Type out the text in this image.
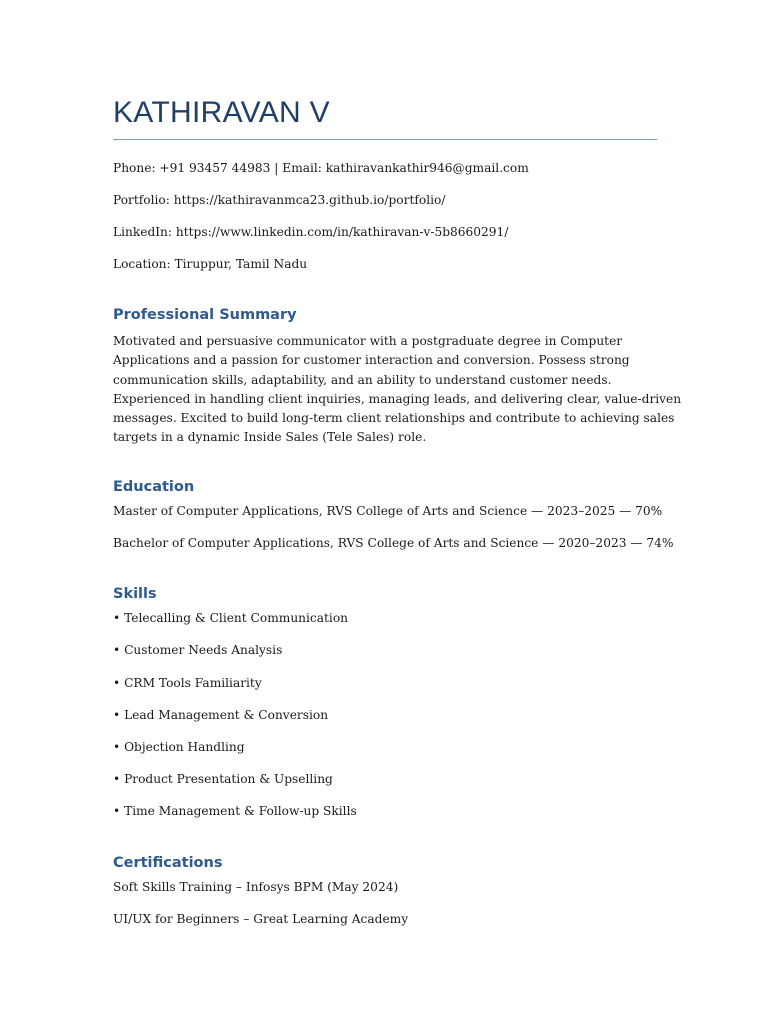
KATHIRAVAN V

Phone: +91 93457 44983 | Email: kathiravankathir946@gmail.com

Portfolio: https://kathiravanmca23.github.io/portfolio/

LinkedIn: https://www.linkedin.com/in/kathiravan-v-5b8660291/

Location: Tiruppur, Tamil Nadu

Professional Summary
Motivated and persuasive communicator with a postgraduate degree in Computer
Applications and a passion for customer interaction and conversion. Possess strong
communication skills, adaptability, and an ability to understand customer needs.
Experienced in handling client inquiries, managing leads, and delivering clear, value-driven
messages. Excited to build long-term client relationships and contribute to achieving sales
targets in a dynamic Inside Sales (Tele Sales) role.
Education

Master of Computer Applications, RVS College of Arts and Science — 2023–2025 — 70%

Bachelor of Computer Applications, RVS College of Arts and Science — 2020–2023 — 74%

Skills

• Telecalling & Client Communication

• Customer Needs Analysis

• CRM Tools Familiarity

• Lead Management & Conversion

• Objection Handling

• Product Presentation & Upselling

• Time Management & Follow-up Skills

Certifications

Soft Skills Training – Infosys BPM (May 2024)

UI/UX for Beginners – Great Learning Academy
